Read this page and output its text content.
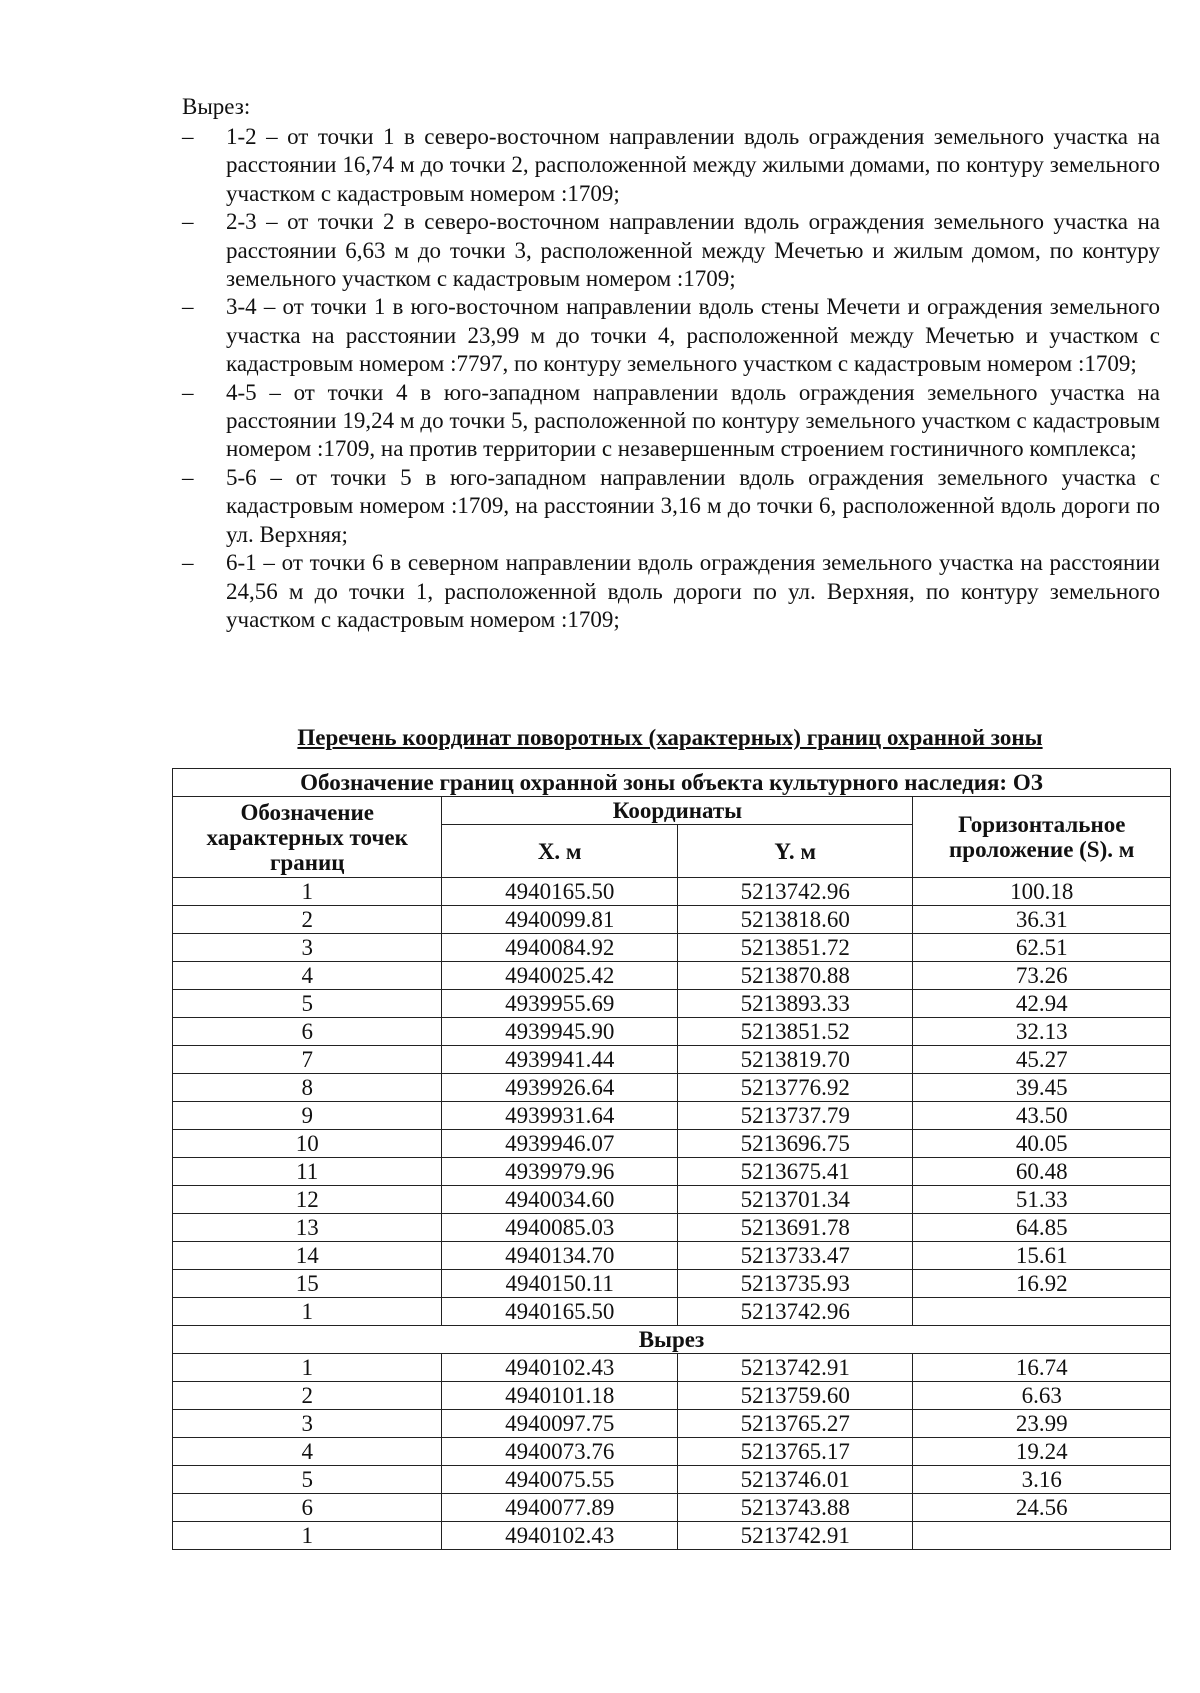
Вырез:
– 1-2 – от точки 1 в северо-восточном направлении вдоль ограждения земельного участка на расстоянии 16,74 м до точки 2, расположенной между жилыми домами, по контуру земельного участком с кадастровым номером :1709;
– 2-3 – от точки 2 в северо-восточном направлении вдоль ограждения земельного участка на расстоянии 6,63 м до точки 3, расположенной между Мечетью и жилым домом, по контуру земельного участком с кадастровым номером :1709;
– 3-4 – от точки 1 в юго-восточном направлении вдоль стены Мечети и ограждения земельного участка на расстоянии 23,99 м до точки 4, расположенной между Мечетью и участком с кадастровым номером :7797, по контуру земельного участком с кадастровым номером :1709;
– 4-5 – от точки 4 в юго-западном направлении вдоль ограждения земельного участка на расстоянии 19,24 м до точки 5, расположенной по контуру земельного участком с кадастровым номером :1709, на против территории с незавершенным строением гостиничного комплекса;
– 5-6 – от точки 5 в юго-западном направлении вдоль ограждения земельного участка с кадастровым номером :1709, на расстоянии 3,16 м до точки 6, расположенной вдоль дороги по ул. Верхняя;
– 6-1 – от точки 6 в северном направлении вдоль ограждения земельного участка на расстоянии 24,56 м до точки 1, расположенной вдоль дороги по ул. Верхняя, по контуру земельного участком с кадастровым номером :1709;
Перечень координат поворотных (характерных) границ охранной зоны
Обозначение границ охранной зоны объекта культурного наследия: ОЗ			
Обозначение характерных точек границ	Координаты		Горизонтальное проложение (S). м
	X. м	Y. м	
1	4940165.50	5213742.96	100.18
2	4940099.81	5213818.60	36.31
3	4940084.92	5213851.72	62.51
4	4940025.42	5213870.88	73.26
5	4939955.69	5213893.33	42.94
6	4939945.90	5213851.52	32.13
7	4939941.44	5213819.70	45.27
8	4939926.64	5213776.92	39.45
9	4939931.64	5213737.79	43.50
10	4939946.07	5213696.75	40.05
11	4939979.96	5213675.41	60.48
12	4940034.60	5213701.34	51.33
13	4940085.03	5213691.78	64.85
14	4940134.70	5213733.47	15.61
15	4940150.11	5213735.93	16.92
1	4940165.50	5213742.96	
Вырез			
1	4940102.43	5213742.91	16.74
2	4940101.18	5213759.60	6.63
3	4940097.75	5213765.27	23.99
4	4940073.76	5213765.17	19.24
5	4940075.55	5213746.01	3.16
6	4940077.89	5213743.88	24.56
1	4940102.43	5213742.91	
